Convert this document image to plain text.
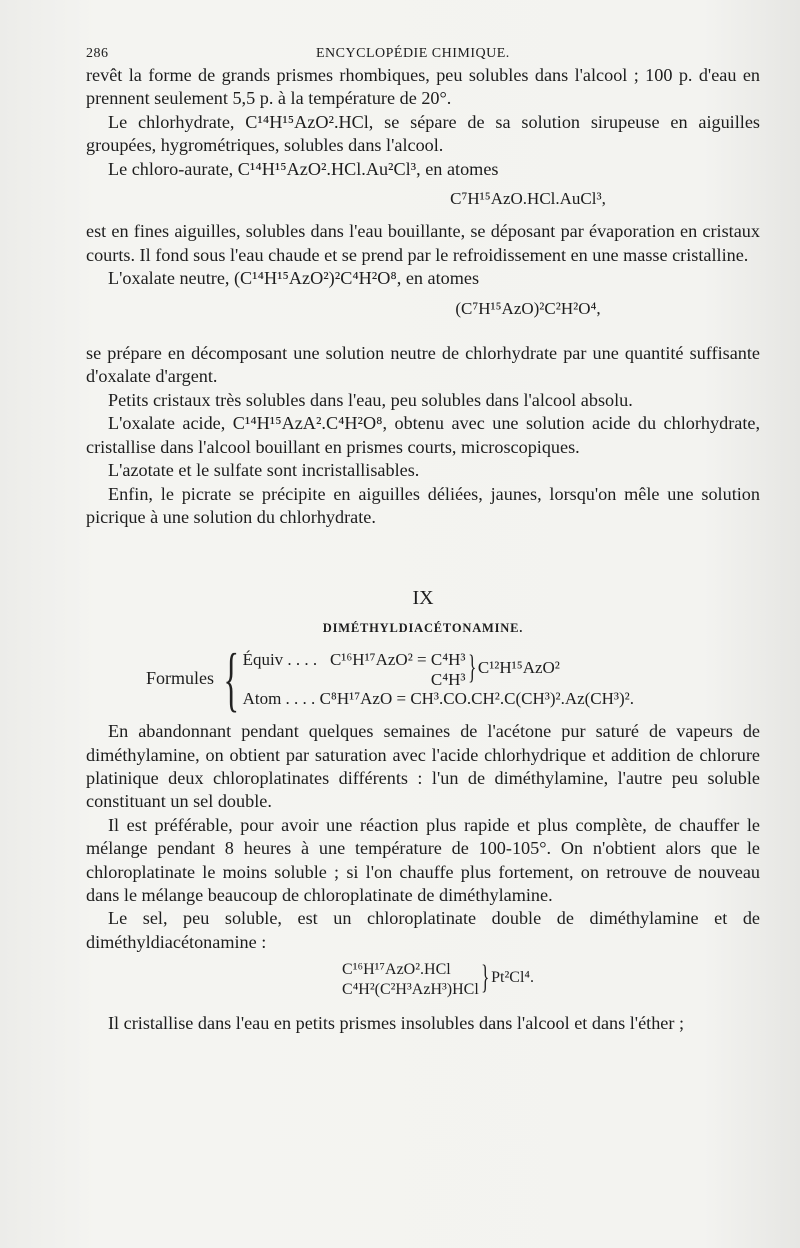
286	ENCYCLOPÉDIE CHIMIQUE.

revêt la forme de grands prismes rhombiques, peu solubles dans l'alcool ; 100 p. d'eau en prennent seulement 5,5 p. à la température de 20°.

Le chlorhydrate, C¹⁴H¹⁵AzO².HCl, se sépare de sa solution sirupeuse en aiguilles groupées, hygrométriques, solubles dans l'alcool.

Le chloro-aurate, C¹⁴H¹⁵AzO².HCl.Au²Cl³, en atomes

C⁷H¹⁵AzO.HCl.AuCl³,

est en fines aiguilles, solubles dans l'eau bouillante, se déposant par évaporation en cristaux courts. Il fond sous l'eau chaude et se prend par le refroidissement en une masse cristalline.

L'oxalate neutre, (C¹⁴H¹⁵AzO²)²C⁴H²O⁸, en atomes

(C⁷H¹⁵AzO)²C²H²O⁴,

se prépare en décomposant une solution neutre de chlorhydrate par une quantité suffisante d'oxalate d'argent.

Petits cristaux très solubles dans l'eau, peu solubles dans l'alcool absolu.

L'oxalate acide, C¹⁴H¹⁵AzA².C⁴H²O⁸, obtenu avec une solution acide du chlorhydrate, cristallise dans l'alcool bouillant en prismes courts, microscopiques.

L'azotate et le sulfate sont incristallisables.

Enfin, le picrate se précipite en aiguilles déliées, jaunes, lorsqu'on mêle une solution picrique à une solution du chlorhydrate.

IX
DIMÉTHYLDIACÉTONAMINE.
Formules { Équiv . . . . C¹⁶H¹⁷AzO² = C⁴H³
C⁴H³ } C¹²H¹⁵AzO²
Atom . . . .
C⁸H¹⁷AzO = CH³.CO.CH².C(CH³)².Az(CH³)².

En abandonnant pendant quelques semaines de l'acétone pur saturé de vapeurs de diméthylamine, on obtient par saturation avec l'acide chlorhydrique et addition de chlorure platinique deux chloroplatinates différents : l'un de diméthylamine, l'autre peu soluble constituant un sel double.

Il est préférable, pour avoir une réaction plus rapide et plus complète, de chauffer le mélange pendant 8 heures à une température de 100-105°. On n'obtient alors que le chloroplatinate le moins soluble ; si l'on chauffe plus fortement, on retrouve de nouveau dans le mélange beaucoup de chloroplatinate de diméthylamine.

Le sel, peu soluble, est un chloroplatinate double de diméthylamine et de diméthyldiacétonamine :

C¹⁶H¹⁷AzO².HCl
C⁴H²(C²H³AzH³)HCl } Pt²Cl⁴.

Il cristallise dans l'eau en petits prismes insolubles dans l'alcool et dans l'éther ;
